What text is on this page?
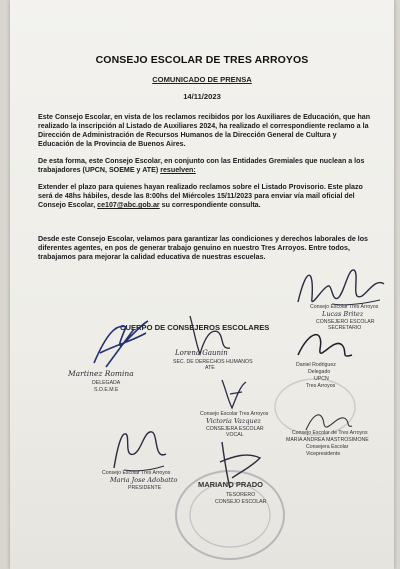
CONSEJO ESCOLAR DE TRES ARROYOS
COMUNICADO DE PRENSA
14/11/2023
Este Consejo Escolar, en vista de los reclamos recibidos por los Auxiliares de Educación, que han realizado la inscripción al Listado de Auxiliares 2024, ha realizado el correspondiente reclamo a la Dirección de Administración de Recursos Humanos de la Dirección General de Cultura y Educación de la Provincia de Buenos Aires.
De esta forma, este Consejo Escolar, en conjunto con las Entidades Gremiales que nuclean a los trabajadores (UPCN, SOEME y ATE) resuelven:
Extender el plazo para quienes hayan realizado reclamos sobre el Listado Provisorio. Este plazo será de 48hs hábiles, desde las 8:00hs del Miércoles 15/11/2023 para enviar vía mail oficial del Consejo Escolar, ce107@abc.gob.ar su correspondiente consulta.
Desde este Consejo Escolar, velamos para garantizar las condiciones y derechos laborales de los diferentes agentes, en pos de generar trabajo genuino en nuestro Tres Arroyos. Entre todos, trabajamos para mejorar la calidad educativa de nuestras escuelas.
CUERPO DE CONSEJEROS ESCOLARES
Consejo Escolar Tres Arroyos
Lucas Britez
CONSEJERO ESCOLAR
SECRETARIO
Martinez Romina
DELEGADA
S.O.E.M.E
Lorena Gaunin
SEC. DE DERECHOS HUMANOS
ATE	Daniel Rodriguez
Delegado
UPCN
Tres Arroyos
Consejo Escolar Tres Arroyos
Victoria Vazquez
CONSEJERA ESCOLAR
VOCAL	Consejo Escolar de Tres Arroyos
MARIA ANDREA MASTROSIMONE
Consejera Escolar
Vicepresidente
Consejo Escolar Tres Arroyos
Maria Jose Adobatto
PRESIDENTE	MARIANO PRADO
TESORERO
CONSEJO ESCOLAR
